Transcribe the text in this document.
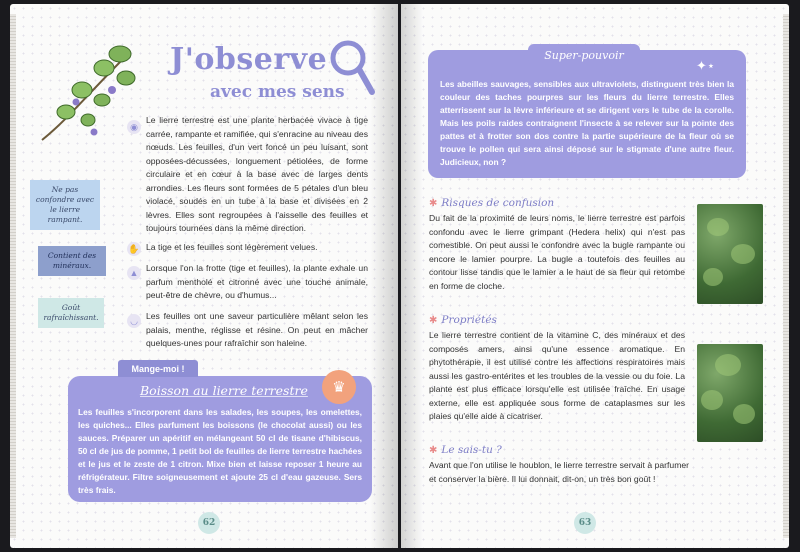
J'observe
avec mes sens
◉
Le lierre terrestre est une plante herbacée vivace à tige carrée, rampante et ramifiée, qui s'enracine au niveau des nœuds. Les feuilles, d'un vert foncé un peu luisant, sont opposées-décussées, longuement pétiolées, de forme circulaire et en cœur à la base avec de larges dents arrondies. Les fleurs sont formées de 5 pétales d'un bleu violacé, soudés en un tube à la base et divisées en 2 lèvres. Elles sont regroupées à l'aisselle des feuilles et toujours tournées dans la même direction.
✋ La tige et les feuilles sont légèrement velues.
▲ Lorsque l'on la frotte (tige et feuilles), la plante exhale un parfum mentholé et citronné avec une touche animale, peut-être de chèvre, ou d'humus...
◡ Les feuilles ont une saveur particulière mêlant selon les palais, menthe, réglisse et résine. On peut en mâcher quelques-unes pour rafraîchir son haleine.
Ne pas confondre avec le lierre rampant.
Contient des minéraux.
Goût rafraîchissant.
Boisson au lierre terrestre
Les feuilles s'incorporent dans les salades, les soupes, les omelettes, les quiches... Elles parfument les boissons (le chocolat aussi) ou les sauces. Préparer un apéritif en mélangeant 50 cl de tisane d'hibiscus, 50 cl de jus de pomme, 1 petit bol de feuilles de lierre terrestre hachées et le jus et le zeste de 1 citron. Mixe bien et laisse reposer 1 heure au réfrigérateur. Filtre soigneusement et ajoute 25 cl d'eau gazeuse. Sers très frais.
Mange-moi !
♛
62
Super-pouvoir
✦⋆
Les abeilles sauvages, sensibles aux ultraviolets, distinguent très bien la couleur des taches pourpres sur les fleurs du lierre terrestre. Elles atterrissent sur la lèvre inférieure et se dirigent vers le tube de la corolle. Mais les poils raides contraignent l'insecte à se relever sur la pointe des pattes et à frotter son dos contre la partie supérieure de la fleur où se trouve le pollen qui sera ainsi déposé sur le stigmate d'une autre fleur. Judicieux, non ?
✱ Risques de confusion
Du fait de la proximité de leurs noms, le lierre terrestre est parfois confondu avec le lierre grimpant (Hedera helix) qui n'est pas comestible. On peut aussi le confondre avec la bugle rampante ou encore le lamier pourpre. La bugle a toutefois des feuilles au contour lisse tandis que le lamier a le haut de sa fleur qui retombe en forme de cloche.
✱ Propriétés
Le lierre terrestre contient de la vitamine C, des minéraux et des composés amers, ainsi qu'une essence aromatique. En phytothérapie, il est utilisé contre les affections respiratoires mais aussi les gastro-entérites et les troubles de la vessie ou du foie. La plante est plus efficace lorsqu'elle est utilisée fraîche. En usage externe, elle est appliquée sous forme de cataplasmes sur les plaies qu'elle aide à cicatriser.
✱ Le sais-tu ?
Avant que l'on utilise le houblon, le lierre terrestre servait à parfumer et conserver la bière. Il lui donnait, dit-on, un très bon goût !
63
